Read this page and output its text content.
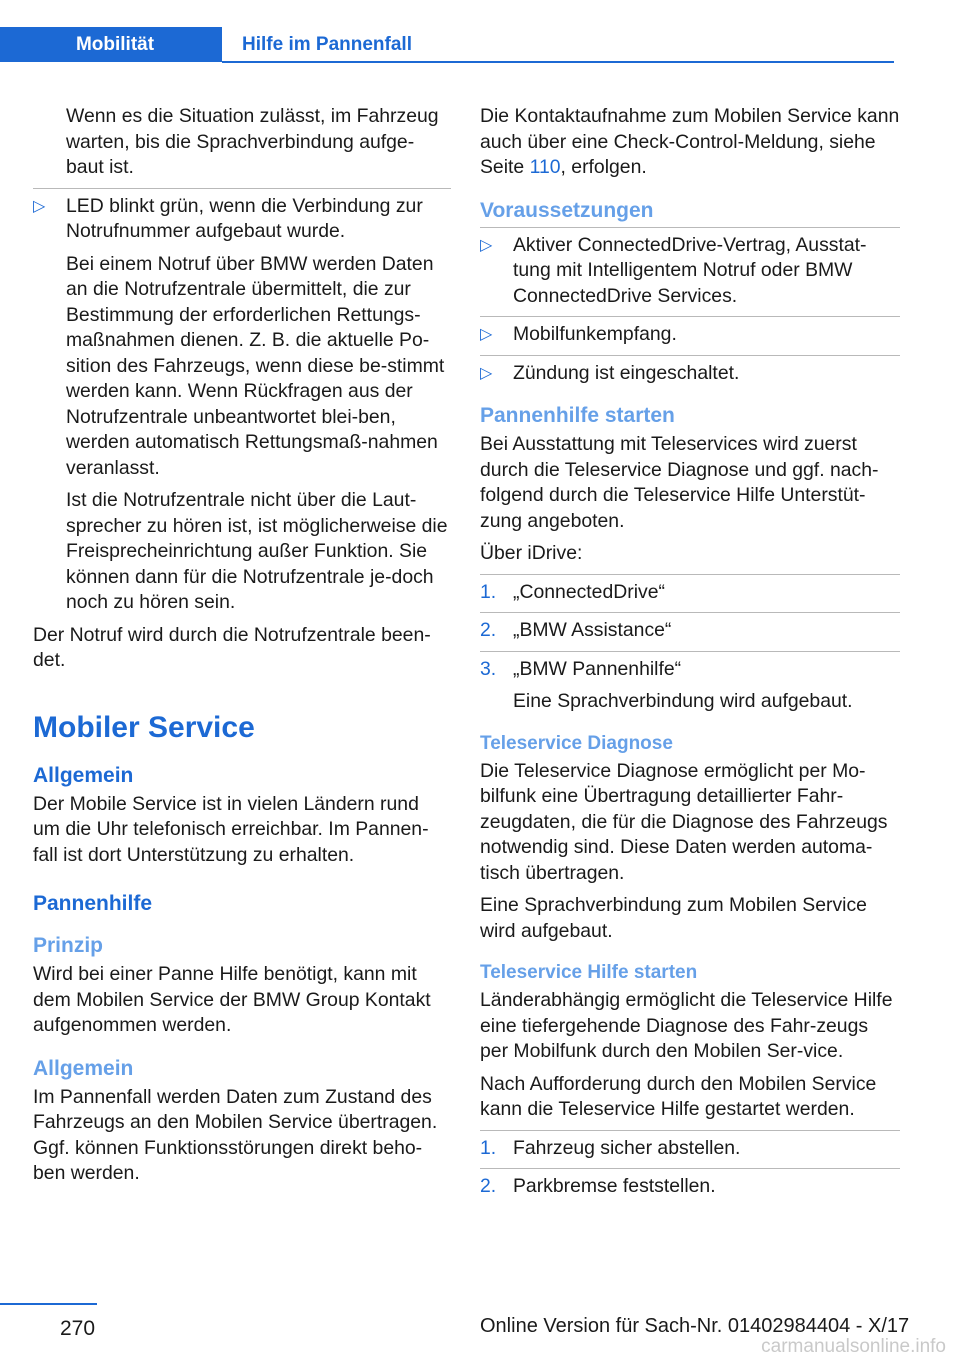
Mobilität	Hilfe im Pannenfall

Wenn es die Situation zulässt, im Fahrzeug warten, bis die Sprachverbindung aufge‐baut ist.

▷ LED blinkt grün, wenn die Verbindung zur Notrufnummer aufgebaut wurde.

Bei einem Notruf über BMW werden Daten an die Notrufzentrale übermittelt, die zur Bestimmung der erforderlichen Rettungs‐maßnahmen dienen. Z. B. die aktuelle Po‐sition des Fahrzeugs, wenn diese be‐stimmt werden kann. Wenn Rückfragen aus der Notrufzentrale unbeantwortet blei‐ben, werden automatisch Rettungsmaß‐nahmen veranlasst.

Ist die Notrufzentrale nicht über die Laut‐sprecher zu hören ist, ist möglicherweise die Freisprecheinrichtung außer Funktion. Sie können dann für die Notrufzentrale je‐doch noch zu hören sein.

Der Notruf wird durch die Notrufzentrale been‐det.

Mobiler Service
Allgemein

Der Mobile Service ist in vielen Ländern rund um die Uhr telefonisch erreichbar. Im Pannen‐fall ist dort Unterstützung zu erhalten.

Pannenhilfe
Prinzip

Wird bei einer Panne Hilfe benötigt, kann mit dem Mobilen Service der BMW Group Kontakt aufgenommen werden.

Allgemein

Im Pannenfall werden Daten zum Zustand des Fahrzeugs an den Mobilen Service übertragen. Ggf. können Funktionsstörungen direkt beho‐ben werden.

Die Kontaktaufnahme zum Mobilen Service kann auch über eine Check-Control-Meldung, siehe Seite 110, erfolgen.

Voraussetzungen
▷ Aktiver ConnectedDrive-Vertrag, Ausstat‐tung mit Intelligentem Notruf oder BMW ConnectedDrive Services.
▷ Mobilfunkempfang.
▷ Zündung ist eingeschaltet.
Pannenhilfe starten

Bei Ausstattung mit Teleservices wird zuerst durch die Teleservice Diagnose und ggf. nach‐folgend durch die Teleservice Hilfe Unterstüt‐zung angeboten.

Über iDrive:

1. „ConnectedDrive“
2. „BMW Assistance“
3. „BMW Pannenhilfe“

Eine Sprachverbindung wird aufgebaut.

Teleservice Diagnose

Die Teleservice Diagnose ermöglicht per Mo‐bilfunk eine Übertragung detaillierter Fahr‐zeugdaten, die für die Diagnose des Fahrzeugs notwendig sind. Diese Daten werden automa‐tisch übertragen.

Eine Sprachverbindung zum Mobilen Service wird aufgebaut.

Teleservice Hilfe starten

Länderabhängig ermöglicht die Teleservice Hilfe eine tiefergehende Diagnose des Fahr‐zeugs per Mobilfunk durch den Mobilen Ser‐vice.

Nach Aufforderung durch den Mobilen Service kann die Teleservice Hilfe gestartet werden.

1. Fahrzeug sicher abstellen.
2. Parkbremse feststellen.
270	Online Version für Sach-Nr. 01402984404 - X/17
carmanualsonline.info
